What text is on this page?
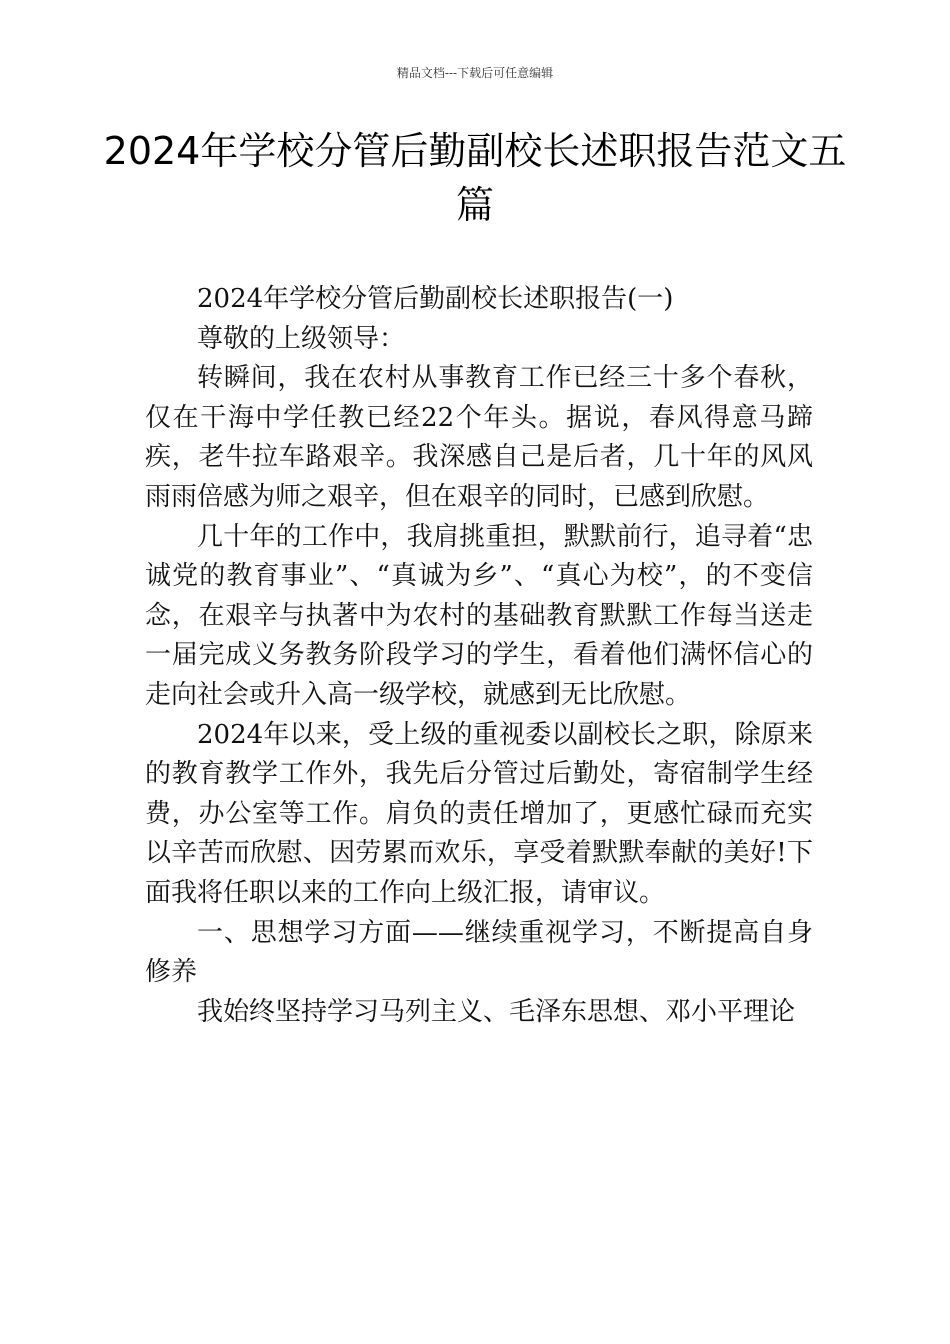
精品文档---下载后可任意编辑
2024年学校分管后勤副校长述职报告范文五篇

2024年学校分管后勤副校长述职报告(一)

尊敬的上级领导：

转瞬间，我在农村从事教育工作已经三十多个春秋，仅在干海中学任教已经22个年头。据说，春风得意马蹄疾，老牛拉车路艰辛。我深感自己是后者，几十年的风风雨雨倍感为师之艰辛，但在艰辛的同时，已感到欣慰。

几十年的工作中，我肩挑重担，默默前行，追寻着“忠诚党的教育事业”、“真诚为乡”、“真心为校”，的不变信念，在艰辛与执著中为农村的基础教育默默工作每当送走一届完成义务教务阶段学习的学生，看着他们满怀信心的走向社会或升入高一级学校，就感到无比欣慰。

2024年以来，受上级的重视委以副校长之职，除原来的教育教学工作外，我先后分管过后勤处，寄宿制学生经费，办公室等工作。肩负的责任增加了，更感忙碌而充实以辛苦而欣慰、因劳累而欢乐，享受着默默奉献的美好!下面我将任职以来的工作向上级汇报，请审议。

一、思想学习方面——继续重视学习，不断提高自身修养

我始终坚持学习马列主义、毛泽东思想、邓小平理论
